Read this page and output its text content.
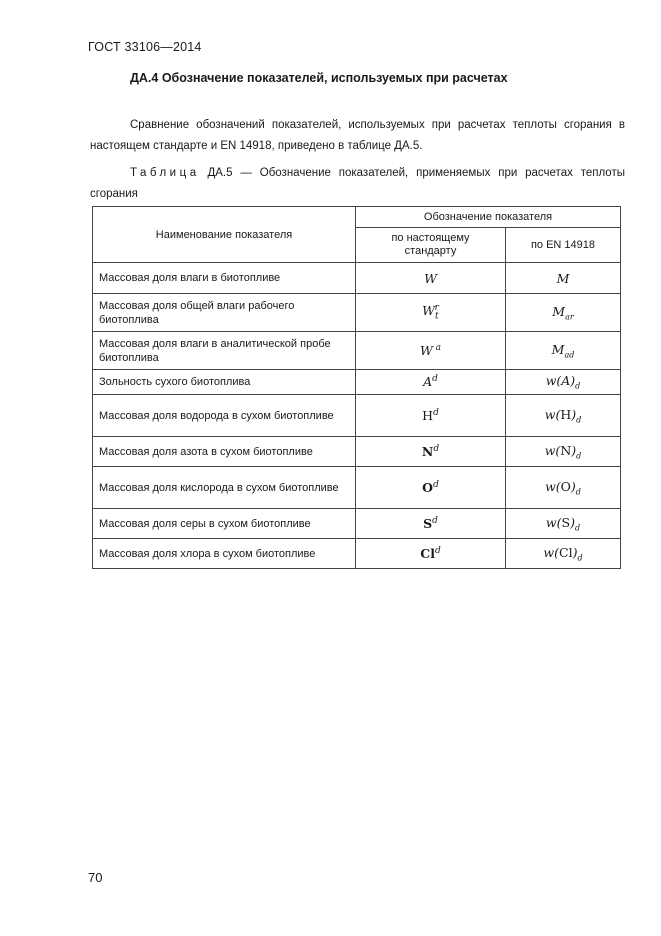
ГОСТ 33106—2014
ДА.4 Обозначение показателей, используемых при расчетах
Сравнение обозначений показателей, используемых при расчетах теплоты сгорания в настоящем стандарте и EN 14918, приведено в таблице ДА.5.
Таблица ДА.5 — Обозначение показателей, применяемых при расчетах теплоты сгорания
Наименование показателя	Обозначение показателя	
	по настоящему стандарту	по EN 14918
Массовая доля влаги в биотопливе	W	M
Массовая доля общей влаги рабочего биотоплива	$W_t^r$	$M_{ar}$
Массовая доля влаги в аналитической пробе биотоплива	W $^a$	$M_{ad}$
Зольность сухого биотоплива	$A^d$	$w(A)_d$
Массовая доля водорода в сухом биотопливе	$H^d$	$w(H)_d$
Массовая доля азота в сухом биотопливе	$N^d$	$w(N)_d$
Массовая доля кислорода в сухом биотопливе	$O^d$	$w(O)_d$
Массовая доля серы в сухом биотопливе	$S^d$	$w(S)_d$
Массовая доля хлора в сухом биотопливе	Cl$^d$	$w(Cl)_d$
70
